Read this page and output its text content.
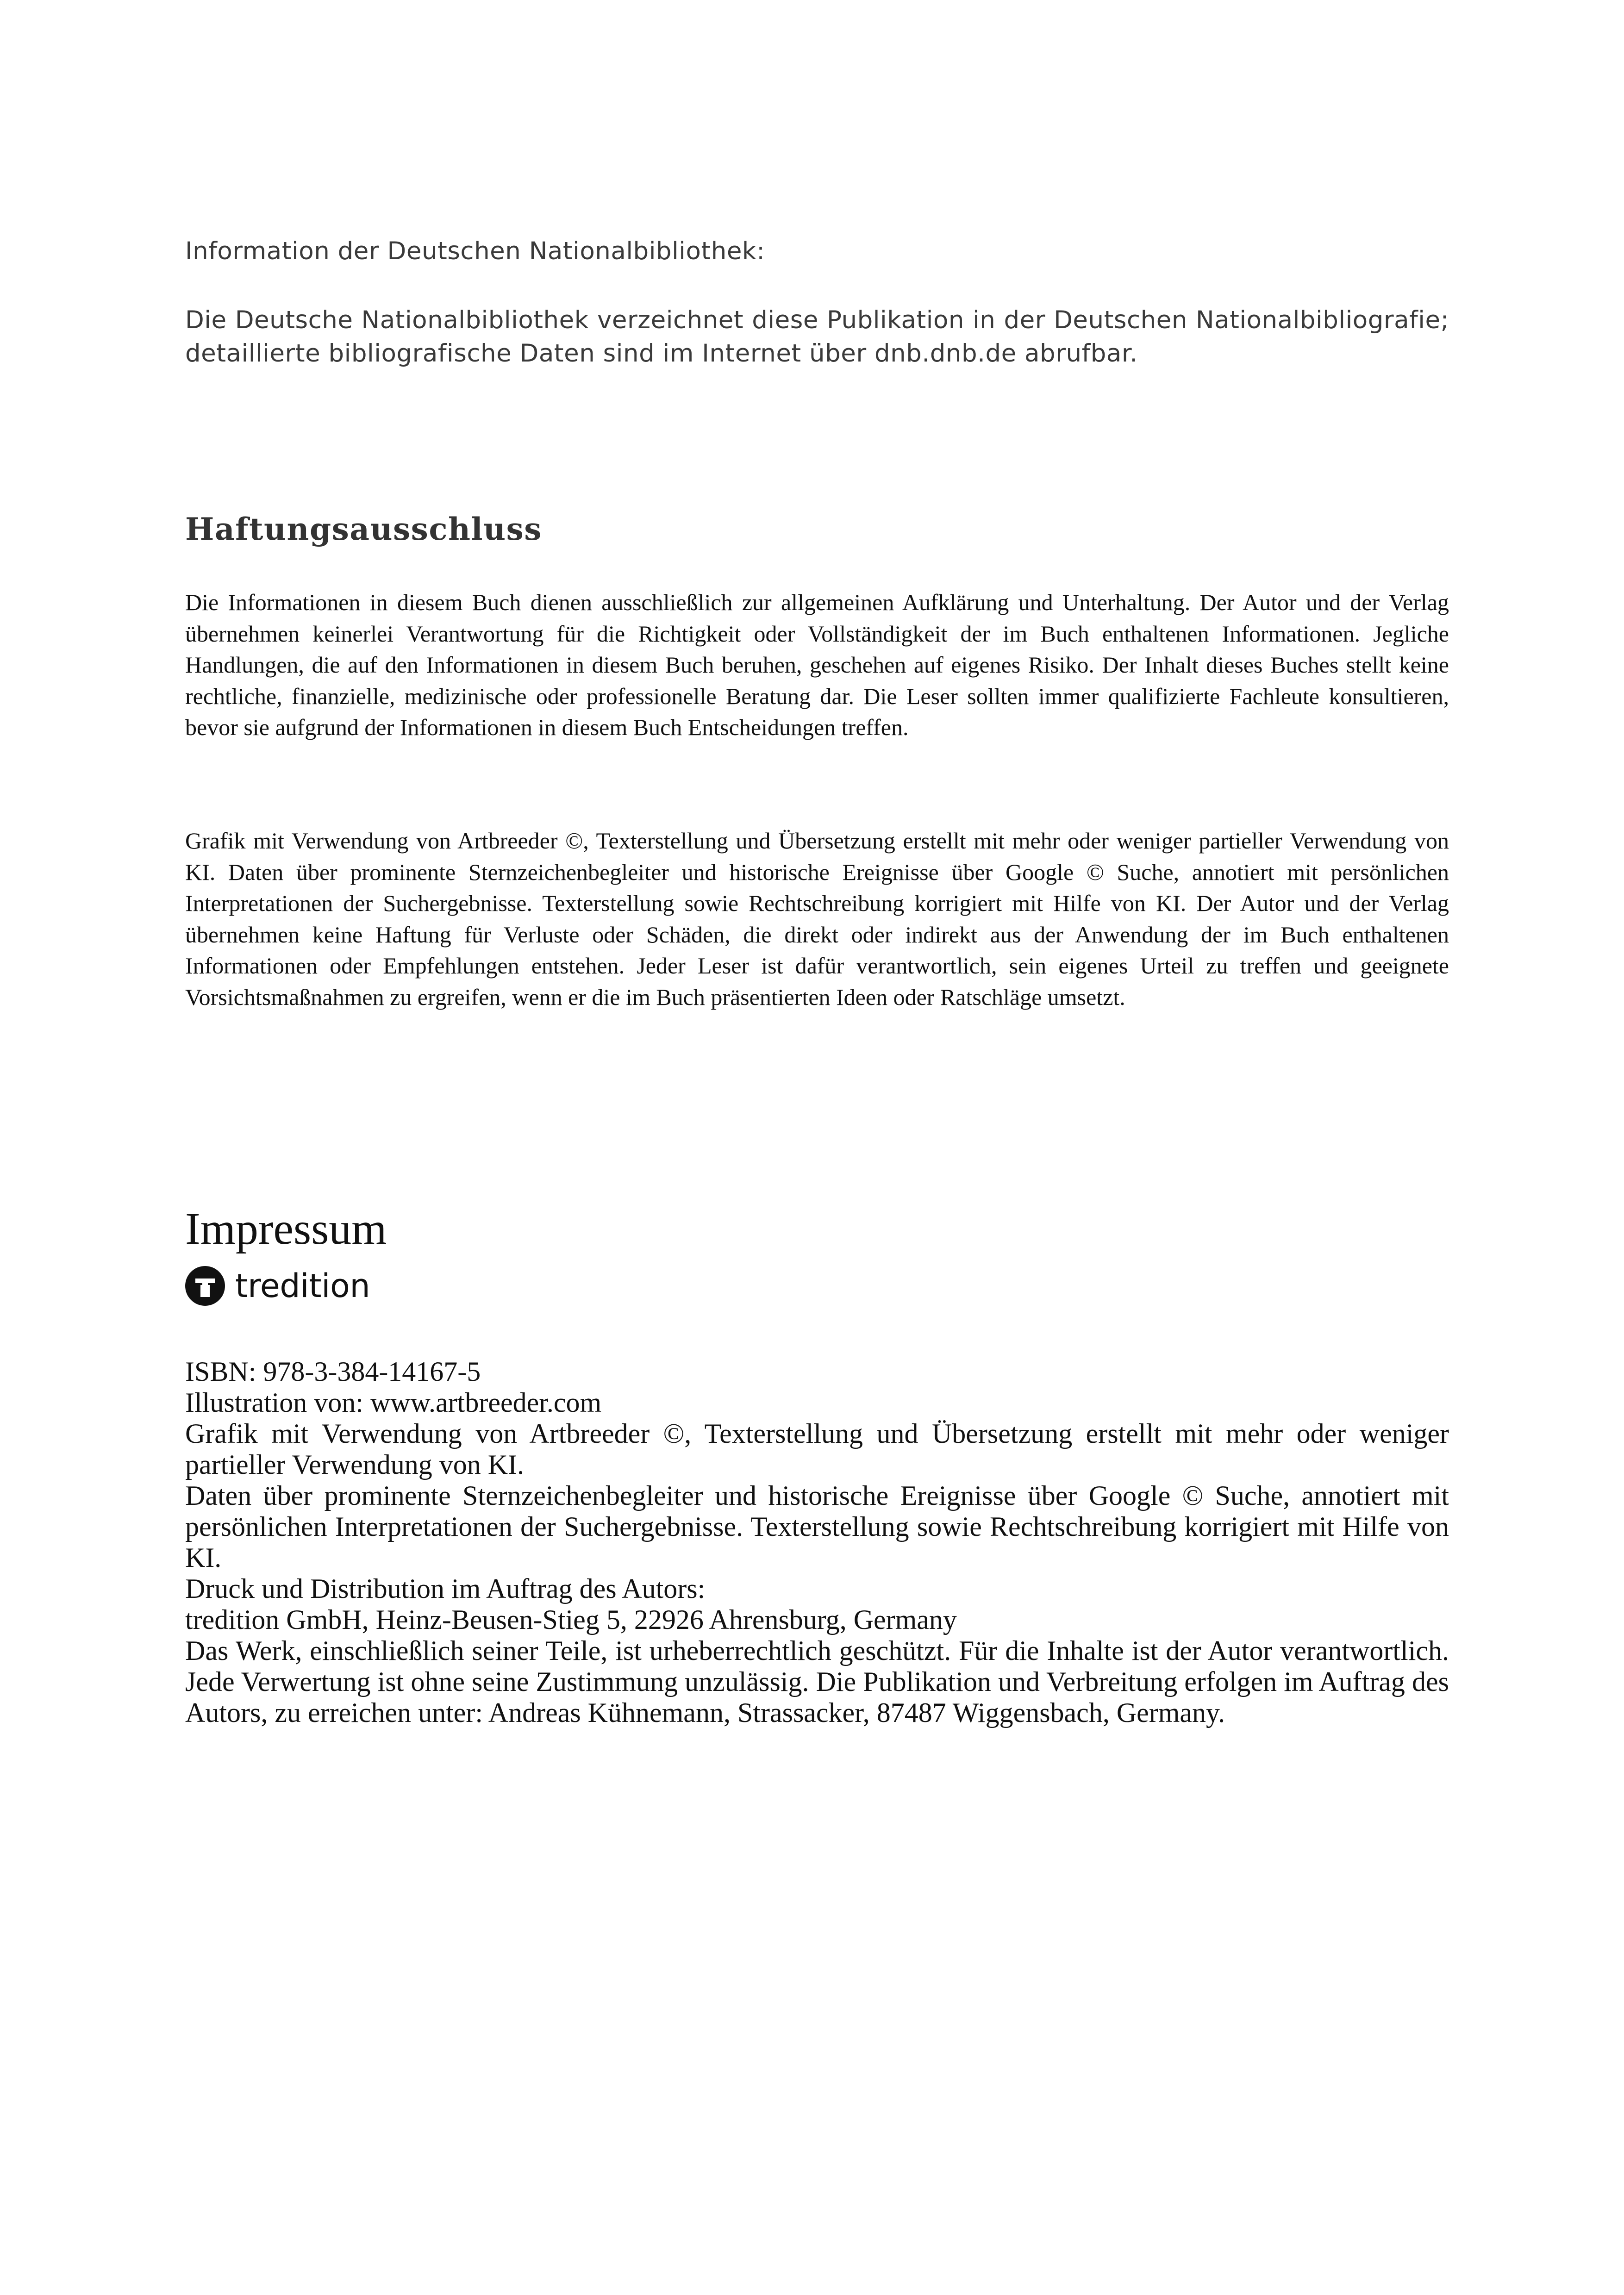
Information der Deutschen Nationalbibliothek:

Die Deutsche Nationalbibliothek verzeichnet diese Publikation in der Deutschen Nationalbibliografie; detaillierte bibliografische Daten sind im Internet über dnb.dnb.de abrufbar.

Haftungsausschluss

Die Informationen in diesem Buch dienen ausschließlich zur allgemeinen Aufklärung und Unterhaltung. Der Autor und der Verlag übernehmen keinerlei Verantwortung für die Richtigkeit oder Vollständigkeit der im Buch enthaltenen Informationen. Jegliche Handlungen, die auf den Informationen in diesem Buch beruhen, geschehen auf eigenes Risiko. Der Inhalt dieses Buches stellt keine rechtliche, finanzielle, medizinische oder professionelle Beratung dar. Die Leser sollten immer qualifizierte Fachleute konsultieren, bevor sie aufgrund der Informationen in diesem Buch Entscheidungen treffen.

Grafik mit Verwendung von Artbreeder ©, Texterstellung und Übersetzung erstellt mit mehr oder weniger partieller Verwendung von KI. Daten über prominente Sternzeichenbegleiter und historische Ereignisse über Google © Suche, annotiert mit persönlichen Interpretationen der Suchergebnisse. Texterstellung sowie Rechtschreibung korrigiert mit Hilfe von KI. Der Autor und der Verlag übernehmen keine Haftung für Verluste oder Schäden, die direkt oder indirekt aus der Anwendung der im Buch enthaltenen Informationen oder Empfehlungen entstehen. Jeder Leser ist dafür verantwortlich, sein eigenes Urteil zu treffen und geeignete Vorsichtsmaßnahmen zu ergreifen, wenn er die im Buch präsentierten Ideen oder Ratschläge umsetzt.

Impressum
tredition
ISBN: 978-3-384-14167-5
Illustration von: www.artbreeder.com
Grafik mit Verwendung von Artbreeder ©, Texterstellung und Übersetzung erstellt mit mehr oder weniger partieller Verwendung von KI.
Daten über prominente Sternzeichenbegleiter und historische Ereignisse über Google © Suche, annotiert mit persönlichen Interpretationen der Suchergebnisse. Texterstellung sowie Rechtschreibung korrigiert mit Hilfe von KI.
Druck und Distribution im Auftrag des Autors:
tredition GmbH, Heinz-Beusen-Stieg 5, 22926 Ahrensburg, Germany
Das Werk, einschließlich seiner Teile, ist urheberrechtlich geschützt. Für die Inhalte ist der Autor verantwortlich. Jede Verwertung ist ohne seine Zustimmung unzulässig. Die Publikation und Verbreitung erfolgen im Auftrag des Autors, zu erreichen unter: Andreas Kühnemann, Strassacker, 87487 Wiggensbach, Germany.
